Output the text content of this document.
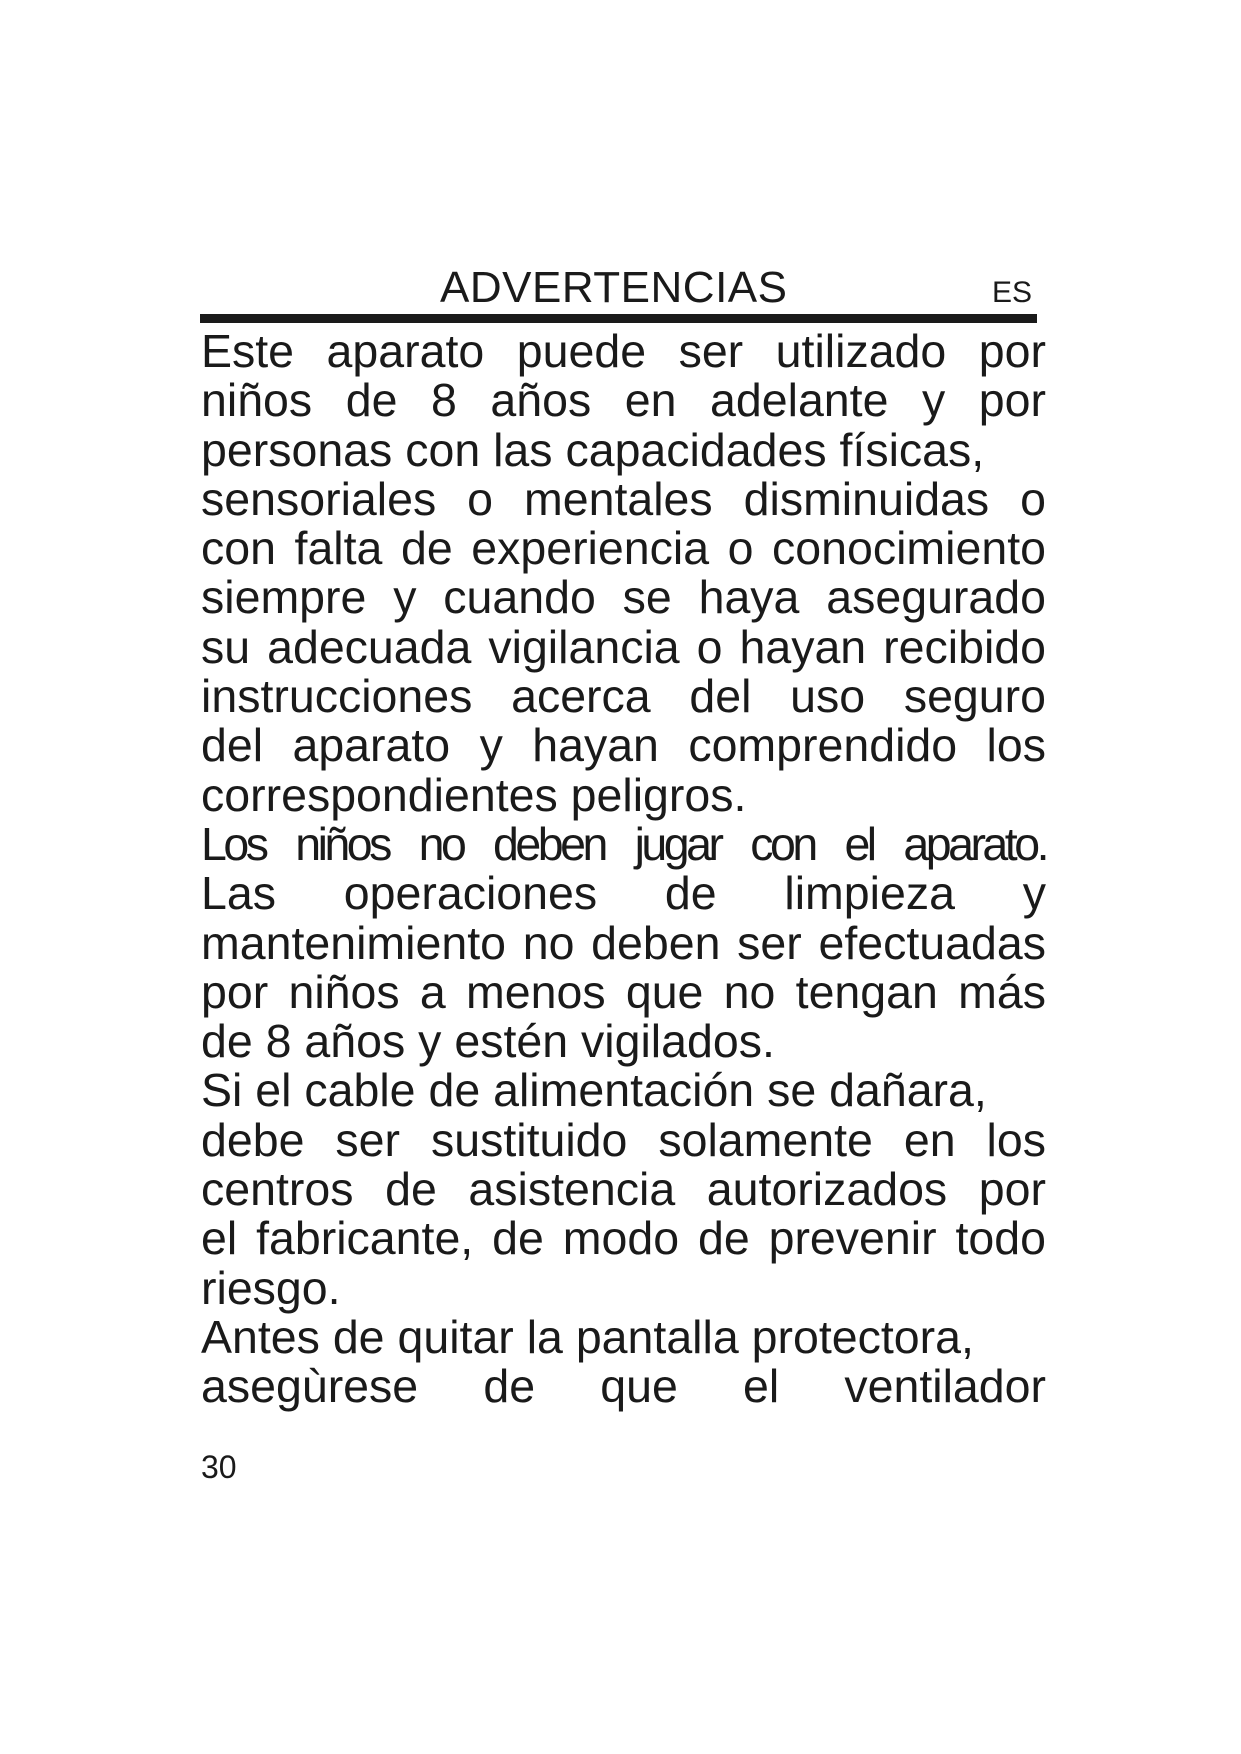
ADVERTENCIAS	ES
Este aparato puede ser utilizado por
niños de 8 años en adelante y por
personas con las capacidades físicas,
sensoriales o mentales disminuidas o
con falta de experiencia o conocimiento
siempre y cuando se haya asegurado
su adecuada vigilancia o hayan recibido
instrucciones acerca del uso seguro
del aparato y hayan comprendido los
correspondientes peligros.
Los niños no deben jugar con el aparato.
Las operaciones de limpieza y
mantenimiento no deben ser efectuadas
por niños a menos que no tengan más
de 8 años y estén vigilados.
Si el cable de alimentación se dañara,
debe ser sustituido solamente en los
centros de asistencia autorizados por
el fabricante, de modo de prevenir todo
riesgo.
Antes de quitar la pantalla protectora,
asegùrese de que el ventilador
30
